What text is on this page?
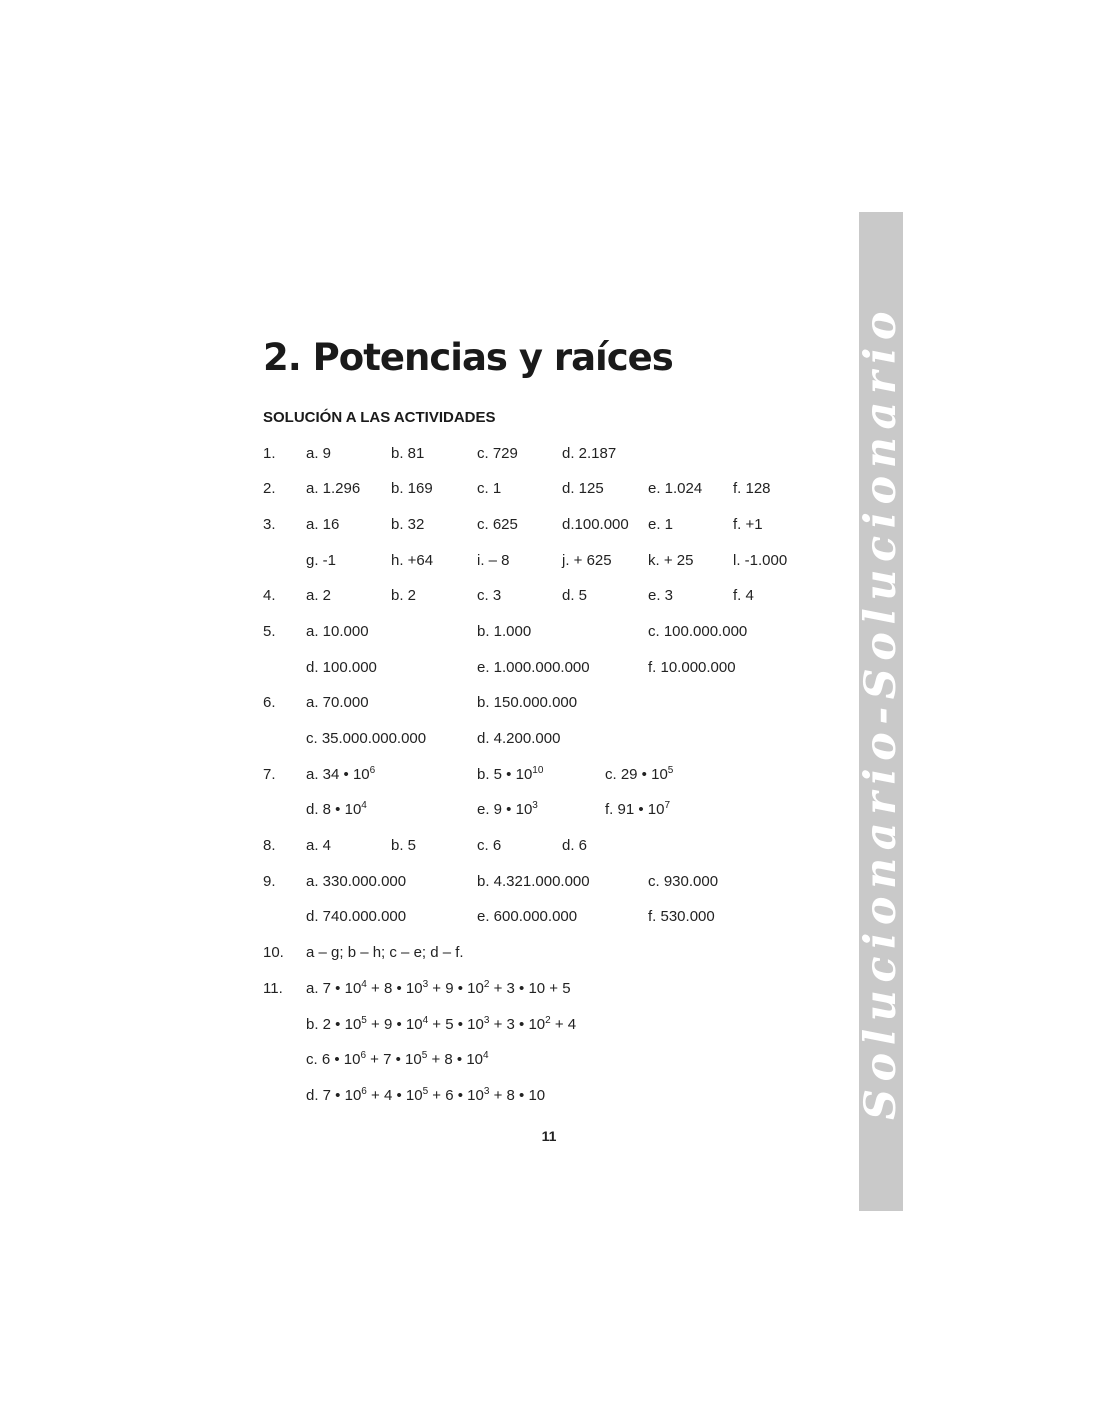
2. Potencias y raíces
SOLUCIÓN A LAS ACTIVIDADES
1. a. 9	b. 81	c. 729	d. 2.187
2. a. 1.296 b. 169	c. 1	d. 125	e. 1.024 f. 128
3. a. 16	b. 32	c. 625	d.100.000 e. 1	f. +1
g. -1	h. +64	i. – 8	j. + 625 k. + 25	l. -1.000
4. a. 2	b. 2	c. 3	d. 5	e. 3	f. 4
5. a. 10.000	b. 1.000	c. 100.000.000
d. 100.000	e. 1.000.000.000	f. 10.000.000
6. a. 70.000	b. 150.000.000
c. 35.000.000.000	d. 4.200.000
7. a. 34 • $10^6$	b. 5 • $10^{10}$	c. 29 • $10^5$
d. 8 • $10^4$	e. 9 • $10^3$	f. 91 • $10^7$
8. a. 4	b. 5	c. 6	d. 6
9. a. 330.000.000	b. 4.321.000.000	c. 930.000
d. 740.000.000	e. 600.000.000	f. 530.000
10. a – g; b – h; c – e; d – f.
11. a. 7 • $10^4 + 8$ • $10^3 + 9$ • $10^2 + 3$ • 10 + 5
b. 2 • $10^5 + 9$ • $10^4 + 5$ • $10^3 + 3$ • $10^2 + 4$
c. 6 • $10^6 + 7$ • $10^5 + 8$ • $10^4$
d. 7 • $10^6 + 4$ • $10^5 + 6$ • $10^3 + 8$ • 10
11
Solucionario-Solucionario
